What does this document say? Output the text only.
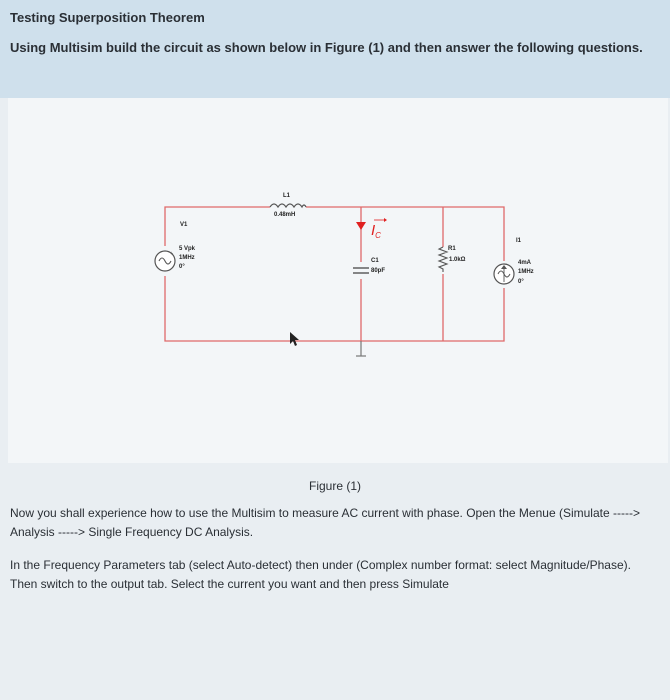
Testing Superposition Theorem
Using Multisim build the circuit as shown below in Figure (1) and then answer the following questions.
L1
0.48mH
+
V1
5 Vpk
1MHz
0°
$I_C$
C1
80pF
R1
1.0kΩ
I1
4mA
1MHz
0°
Figure (1)
Now you shall experience how to use the Multisim to measure AC current with phase. Open the Menue (Simulate -----> Analysis -----> Single Frequency DC Analysis.
In the Frequency Parameters tab (select Auto-detect) then under (Complex number format: select Magnitude/Phase). Then switch to the output tab. Select the current you want and then press Simulate
